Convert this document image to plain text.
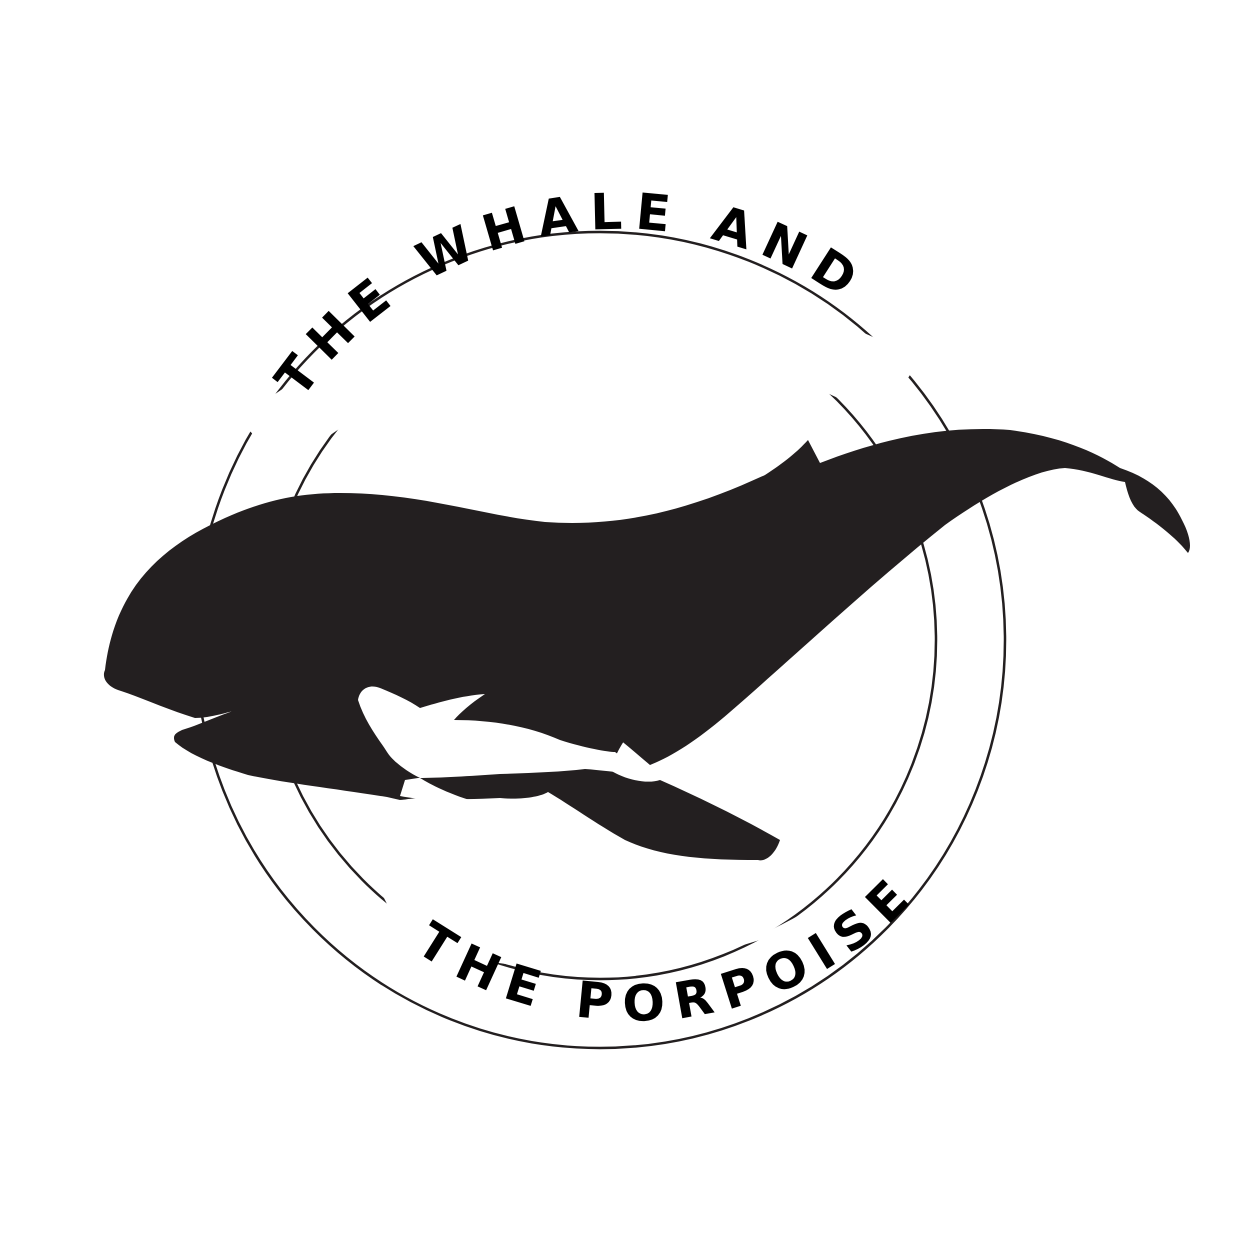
THE WHALE AND
THE PORPOISE
